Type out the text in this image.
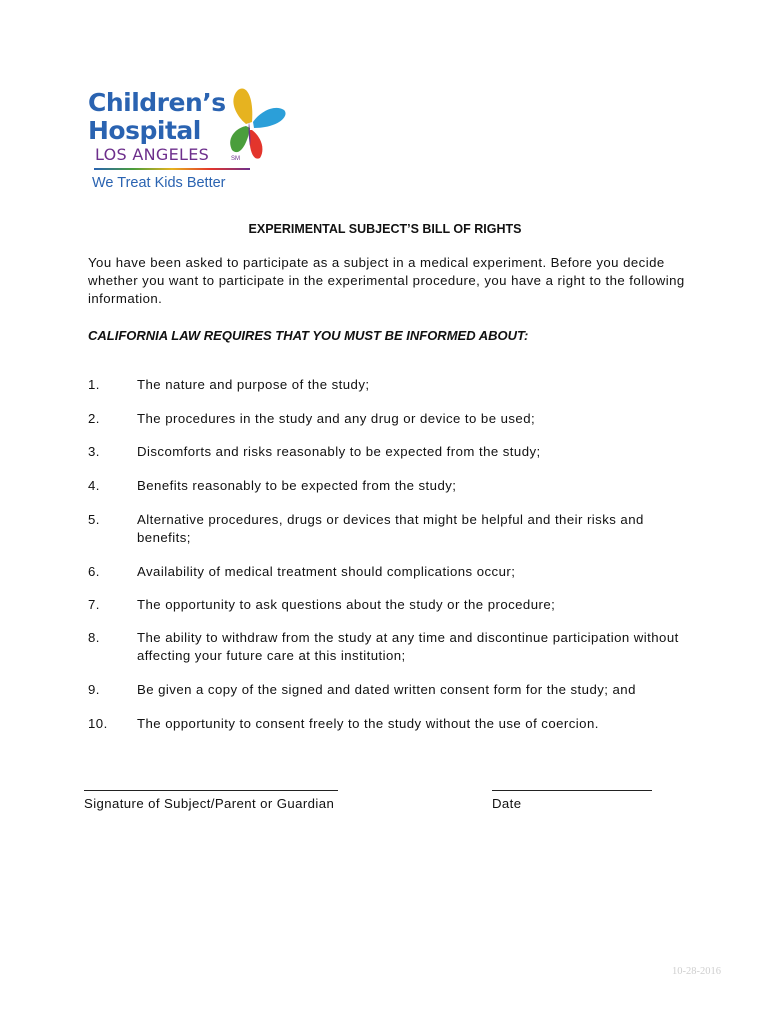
Children’s
Hospital
LOS ANGELES	SM
We Treat Kids Better
EXPERIMENTAL SUBJECT’S BILL OF RIGHTS
You have been asked to participate as a subject in a medical experiment. Before you decide whether you want to participate in the experimental procedure, you have a right to the following information.
CALIFORNIA LAW REQUIRES THAT YOU MUST BE INFORMED ABOUT:
1.	The nature and purpose of the study;
2.	The procedures in the study and any drug or device to be used;
3.	Discomforts and risks reasonably to be expected from the study;
4.	Benefits reasonably to be expected from the study;
5.	Alternative procedures, drugs or devices that might be helpful and their risks and benefits;
6.	Availability of medical treatment should complications occur;
7.	The opportunity to ask questions about the study or the procedure;
8.	The ability to withdraw from the study at any time and discontinue participation without affecting your future care at this institution;
9.	Be given a copy of the signed and dated written consent form for the study; and
10. The opportunity to consent freely to the study without the use of coercion.
Signature of Subject/Parent or Guardian	Date
10-28-2016
